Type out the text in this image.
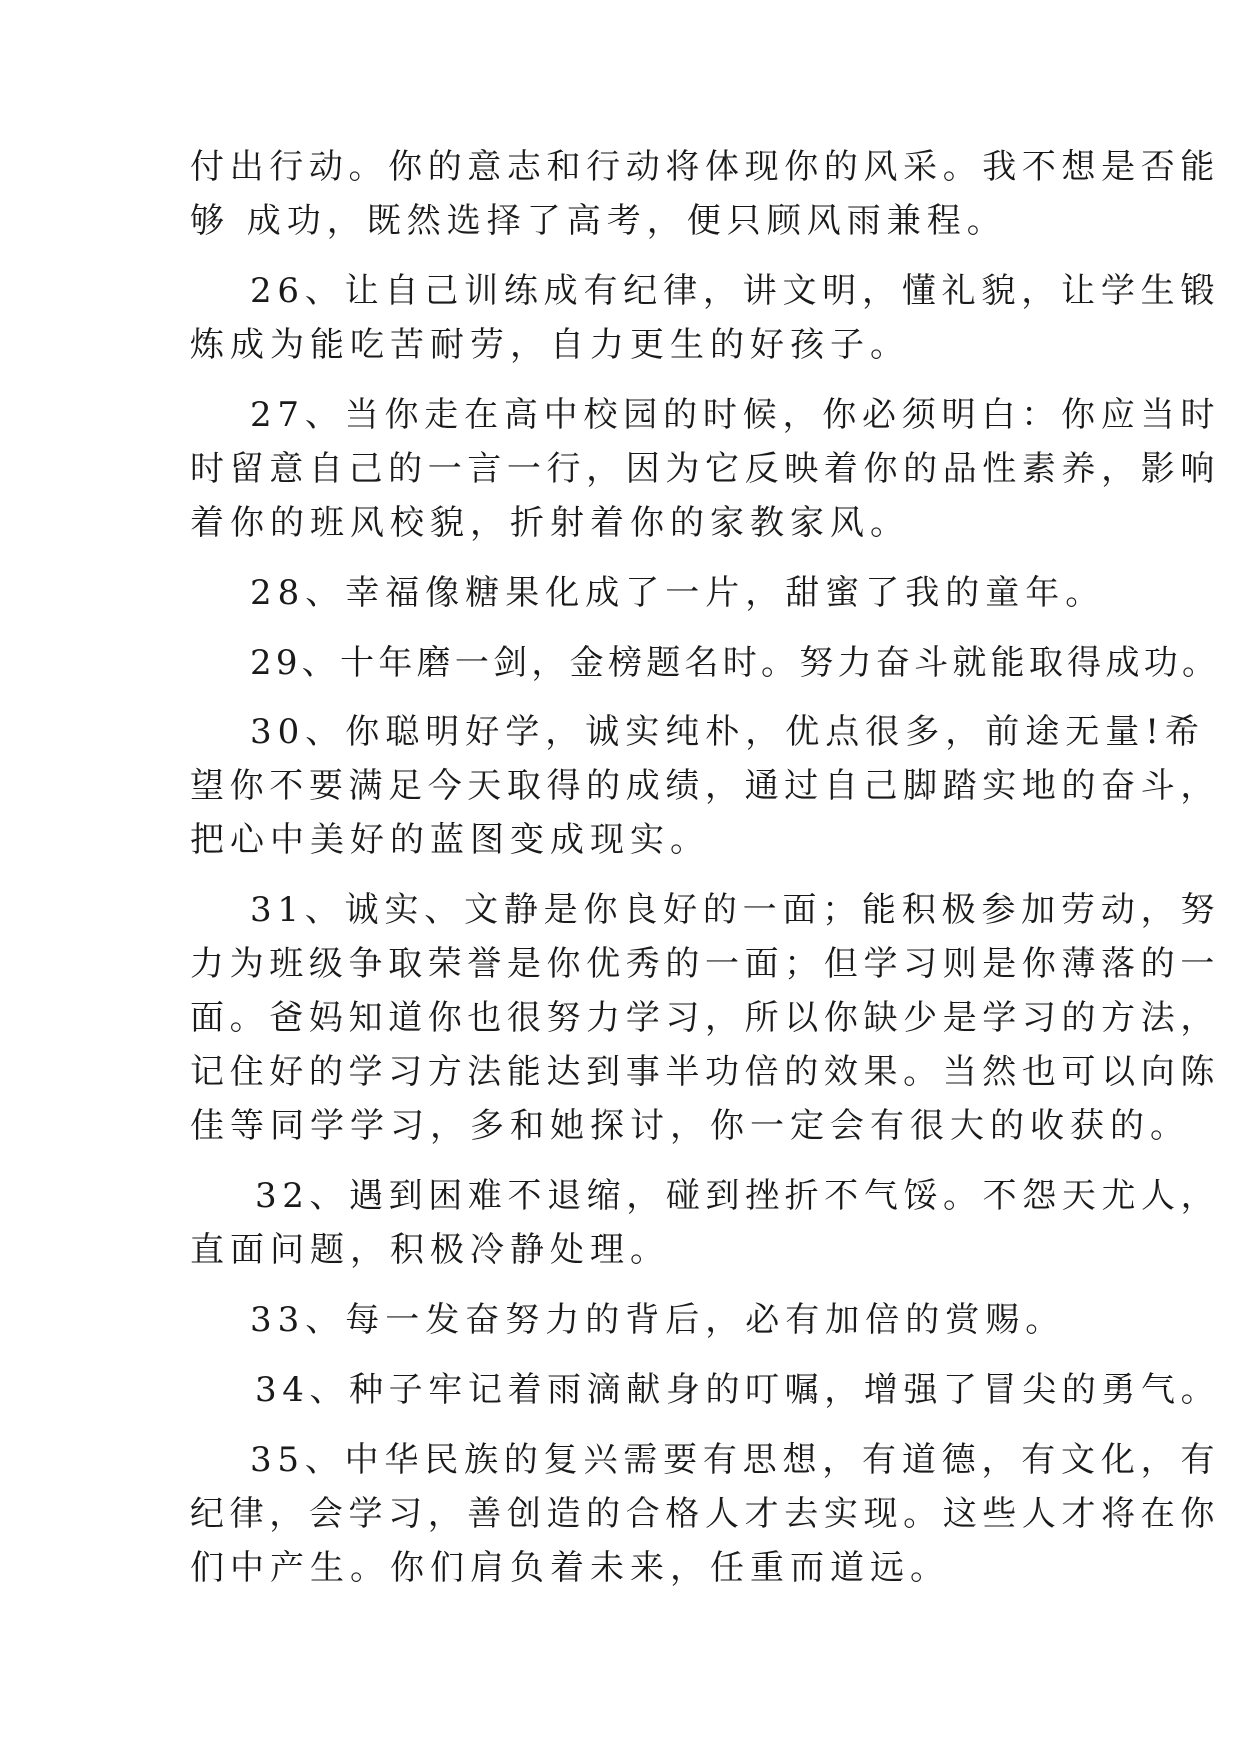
付出行动。你的意志和行动将体现你的风采。我不想是否能
够 成功，既然选择了高考，便只顾风雨兼程。
26、让自己训练成有纪律，讲文明，懂礼貌，让学生锻
炼成为能吃苦耐劳，自力更生的好孩子。
27、当你走在高中校园的时候，你必须明白：你应当时
时留意自己的一言一行，因为它反映着你的品性素养，影响
着你的班风校貌，折射着你的家教家风。
28、幸福像糖果化成了一片，甜蜜了我的童年。
29、十年磨一剑，金榜题名时。努力奋斗就能取得成功。
30、你聪明好学，诚实纯朴，优点很多，前途无量!希
望你不要满足今天取得的成绩，通过自己脚踏实地的奋斗，
把心中美好的蓝图变成现实。
31、诚实、文静是你良好的一面；能积极参加劳动，努
力为班级争取荣誉是你优秀的一面；但学习则是你薄落的一
面。爸妈知道你也很努力学习，所以你缺少是学习的方法，
记住好的学习方法能达到事半功倍的效果。当然也可以向陈
佳等同学学习，多和她探讨，你一定会有很大的收获的。
32、遇到困难不退缩，碰到挫折不气馁。不怨天尤人，
直面问题，积极冷静处理。
33、每一发奋努力的背后，必有加倍的赏赐。
34、种子牢记着雨滴献身的叮嘱，增强了冒尖的勇气。
35、中华民族的复兴需要有思想，有道德，有文化，有
纪律，会学习，善创造的合格人才去实现。这些人才将在你
们中产生。你们肩负着未来，任重而道远。
